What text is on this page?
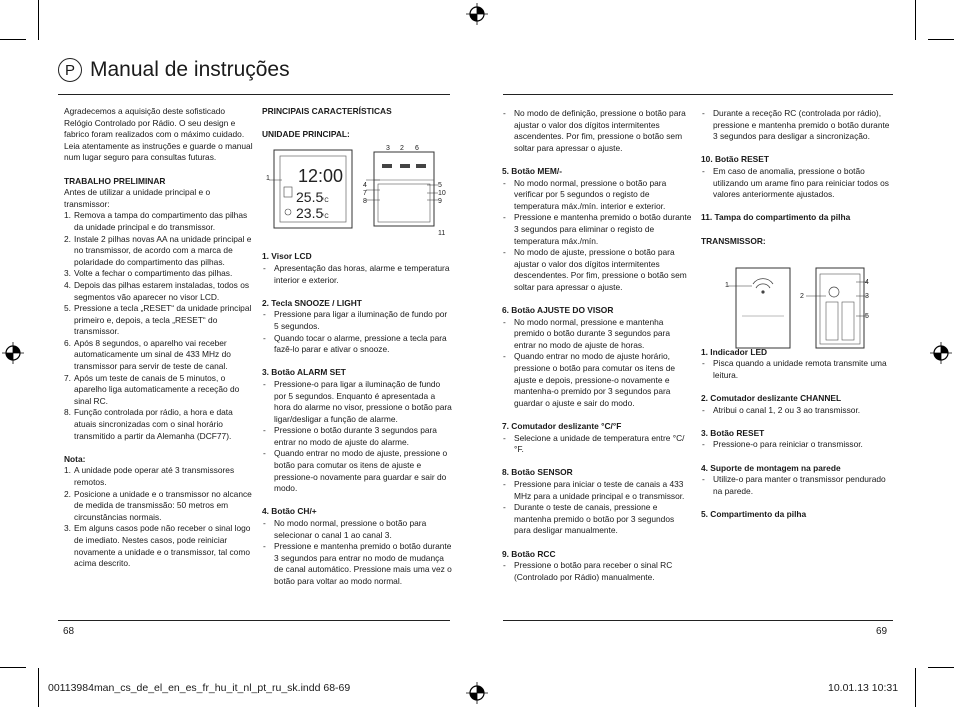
P Manual de instruções

Agradecemos a aquisição deste sofisticado Relógio Controlado por Rádio. O seu design e fabrico foram realizados com o máximo cuidado. Leia atentamente as instruções e guarde o manual num lugar seguro para consultas futuras.

TRABALHO PRELIMINAR

Antes de utilizar a unidade principal e o transmissor:

1. Remova a tampa do compartimento das pilhas da unidade principal e do transmissor.
2. Instale 2 pilhas novas AA na unidade principal e no transmissor, de acordo com a marca de polaridade do compartimento das pilhas.
3. Volte a fechar o compartimento das pilhas.
4. Depois das pilhas estarem instaladas, todos os segmentos vão aparecer no visor LCD.
5. Pressione a tecla „RESET“ da unidade principal primeiro e, depois, a tecla „RESET“ do transmissor.
6. Após 8 segundos, o aparelho vai receber automaticamente um sinal de 433 MHz do transmissor para servir de teste de canal.
7. Após um teste de canais de 5 minutos, o aparelho liga automaticamente a receção do sinal RC.
8. Função controlada por rádio, a hora e data atuais sincronizadas com o sinal horário transmitido a partir da Alemanha (DCF77).

Nota:

1. A unidade pode operar até 3 transmissores remotos.
2. Posicione a unidade e o transmissor no alcance de medida de transmissão: 50 metros em circunstâncias normais.
3. Em alguns casos pode não receber o sinal logo de imediato. Nestes casos, pode reiniciar novamente a unidade e o transmissor, tal como acima descrito.

PRINCIPAIS CARACTERÍSTICAS

UNIDADE PRINCIPAL:

1. Visor LCD

- Apresentação das horas, alarme e temperatura interior e exterior.

2. Tecla SNOOZE / LIGHT

- Pressione para ligar a iluminação de fundo por 5 segundos.
- Quando tocar o alarme, pressione a tecla para fazê-lo parar e ativar o snooze.

3. Botão ALARM SET

- Pressione-o para ligar a iluminação de fundo por 5 segundos. Enquanto é apresentada a hora do alarme no visor, pressione o botão para ligar/desligar a função de alarme.
- Pressione o botão durante 3 segundos para entrar no modo de ajuste do alarme.
- Quando entrar no modo de ajuste, pressione o botão para comutar os itens de ajuste e pressione-o novamente para guardar e sair do modo.

4. Botão CH/+

- No modo normal, pressione o botão para selecionar o canal 1 ao canal 3.
- Pressione e mantenha premido o botão durante 3 segundos para entrar no modo de mudança de canal automático. Pressione mais uma vez o botão para voltar ao modo normal.
12:00
25.5
23.5
°C
°C
1
2 6
4
7
8
5
10
9
11
3
- No modo de definição, pressione o botão para ajustar o valor dos dígitos intermitentes ascendentes. Por fim, pressione o botão sem soltar para apressar o ajuste.

5. Botão MEM/-

- No modo normal, pressione o botão para verificar por 5 segundos o registo de temperatura máx./mín. interior e exterior.
- Pressione e mantenha premido o botão durante 3 segundos para eliminar o registo de temperatura máx./mín.
- No modo de ajuste, pressione o botão para ajustar o valor dos dígitos intermitentes descendentes. Por fim, pressione o botão sem soltar para apressar o ajuste.

6. Botão AJUSTE DO VISOR

- No modo normal, pressione e mantenha premido o botão durante 3 segundos para entrar no modo de ajuste de horas.
- Quando entrar no modo de ajuste horário, pressione o botão para comutar os itens de ajuste e depois, pressione-o novamente e mantenha-o premido por 3 segundos para guardar o ajuste e sair do modo.

7. Comutador deslizante °C/°F

- Selecione a unidade de temperatura entre °C/°F.

8. Botão SENSOR

- Pressione para iniciar o teste de canais a 433 MHz para a unidade principal e o transmissor.
- Durante o teste de canais, pressione e mantenha premido o botão por 3 segundos para desligar manualmente.

9. Botão RCC

- Pressione o botão para receber o sinal RC (Controlado por Rádio) manualmente.
- Durante a receção RC (controlada por rádio), pressione e mantenha premido o botão durante 3 segundos para desligar a sincronização.

10. Botão RESET

- Em caso de anomalia, pressione o botão utilizando um arame fino para reiniciar todos os valores anteriormente ajustados.

11. Tampa do compartimento da pilha

TRANSMISSOR:

1. Indicador LED

- Pisca quando a unidade remota transmite uma leitura.

2. Comutador deslizante CHANNEL

- Atribui o canal 1, 2 ou 3 ao transmissor.

3. Botão RESET

- Pressione-o para reiniciar o transmissor.

4. Suporte de montagem na parede

- Utilize-o para manter o transmissor pendurado na parede.

5. Compartimento da pilha

1	4
2	3
5
68	69
00113984man_cs_de_el_en_es_fr_hu_it_nl_pt_ru_sk.indd 68-69	10.01.13 10:31
